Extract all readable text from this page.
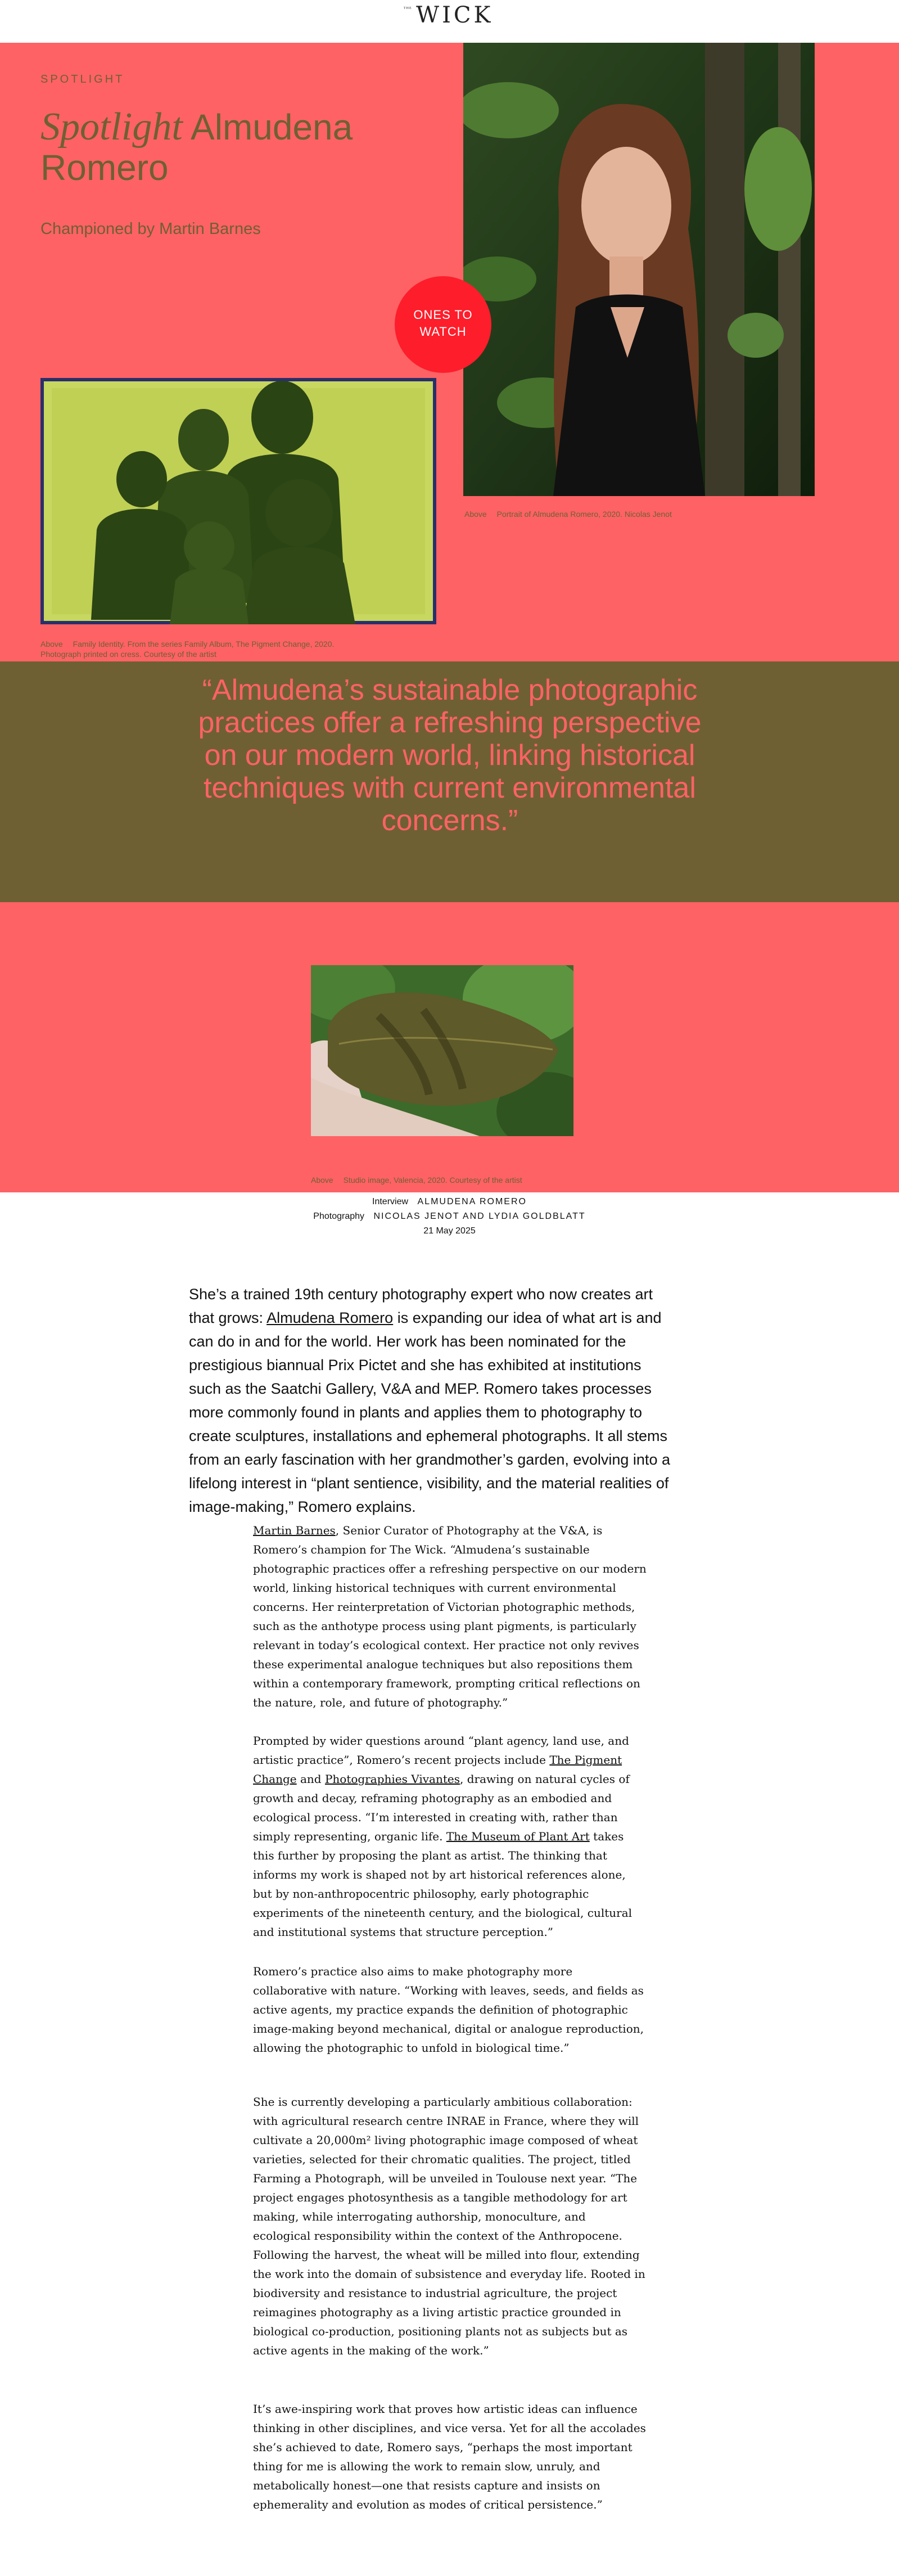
THE WICK
SPOTLIGHT
Spotlight Almudena Romero
Championed by Martin Barnes
ONES TO
WATCH
Above Portrait of Almudena Romero, 2020. Nicolas Jenot
Above Family Identity. From the series Family Album, The Pigment Change, 2020.
Photograph printed on cress. Courtesy of the artist
“Almudena’s sustainable photographic practices offer a refreshing perspective on our modern world, linking historical techniques with current environmental concerns.”
Above Studio image, Valencia, 2020. Courtesy of the artist
Interview ALMUDENA ROMERO
Photography NICOLAS JENOT AND LYDIA GOLDBLATT
21 May 2025

She’s a trained 19th century photography expert who now creates art that grows: Almudena Romero is expanding our idea of what art is and can do in and for the world. Her work has been nominated for the prestigious biannual Prix Pictet and she has exhibited at institutions such as the Saatchi Gallery, V&A and MEP. Romero takes processes more commonly found in plants and applies them to photography to create sculptures, installations and ephemeral photographs. It all stems from an early fascination with her grandmother’s garden, evolving into a lifelong interest in “plant sentience, visibility, and the material realities of image-making,” Romero explains.

Martin Barnes, Senior Curator of Photography at the V&A, is Romero’s champion for The Wick. “Almudena’s sustainable photographic practices offer a refreshing perspective on our modern world, linking historical techniques with current environmental concerns. Her reinterpretation of Victorian photographic methods, such as the anthotype process using plant pigments, is particularly relevant in today’s ecological context. Her practice not only revives these experimental analogue techniques but also repositions them within a contemporary framework, prompting critical reflections on the nature, role, and future of photography.”

Prompted by wider questions around “plant agency, land use, and artistic practice”, Romero’s recent projects include The Pigment Change and Photographies Vivantes, drawing on natural cycles of growth and decay, reframing photography as an embodied and ecological process. “I’m interested in creating with, rather than simply representing, organic life. The Museum of Plant Art takes this further by proposing the plant as artist. The thinking that informs my work is shaped not by art historical references alone, but by non-anthropocentric philosophy, early photographic experiments of the nineteenth century, and the biological, cultural and institutional systems that structure perception.”

Romero’s practice also aims to make photography more collaborative with nature. “Working with leaves, seeds, and fields as active agents, my practice expands the definition of photographic image-making beyond mechanical, digital or analogue reproduction, allowing the photographic to unfold in biological time.”

She is currently developing a particularly ambitious collaboration: with agricultural research centre INRAE in France, where they will cultivate a 20,000m² living photographic image composed of wheat varieties, selected for their chromatic qualities. The project, titled Farming a Photograph, will be unveiled in Toulouse next year. “The project engages photosynthesis as a tangible methodology for art making, while interrogating authorship, monoculture, and ecological responsibility within the context of the Anthropocene. Following the harvest, the wheat will be milled into flour, extending the work into the domain of subsistence and everyday life. Rooted in biodiversity and resistance to industrial agriculture, the project reimagines photography as a living artistic practice grounded in biological co-production, positioning plants not as subjects but as active agents in the making of the work.”

It’s awe-inspiring work that proves how artistic ideas can influence thinking in other disciplines, and vice versa. Yet for all the accolades she’s achieved to date, Romero says, “perhaps the most important thing for me is allowing the work to remain slow, unruly, and metabolically honest—one that resists capture and insists on ephemerality and evolution as modes of critical persistence.”
